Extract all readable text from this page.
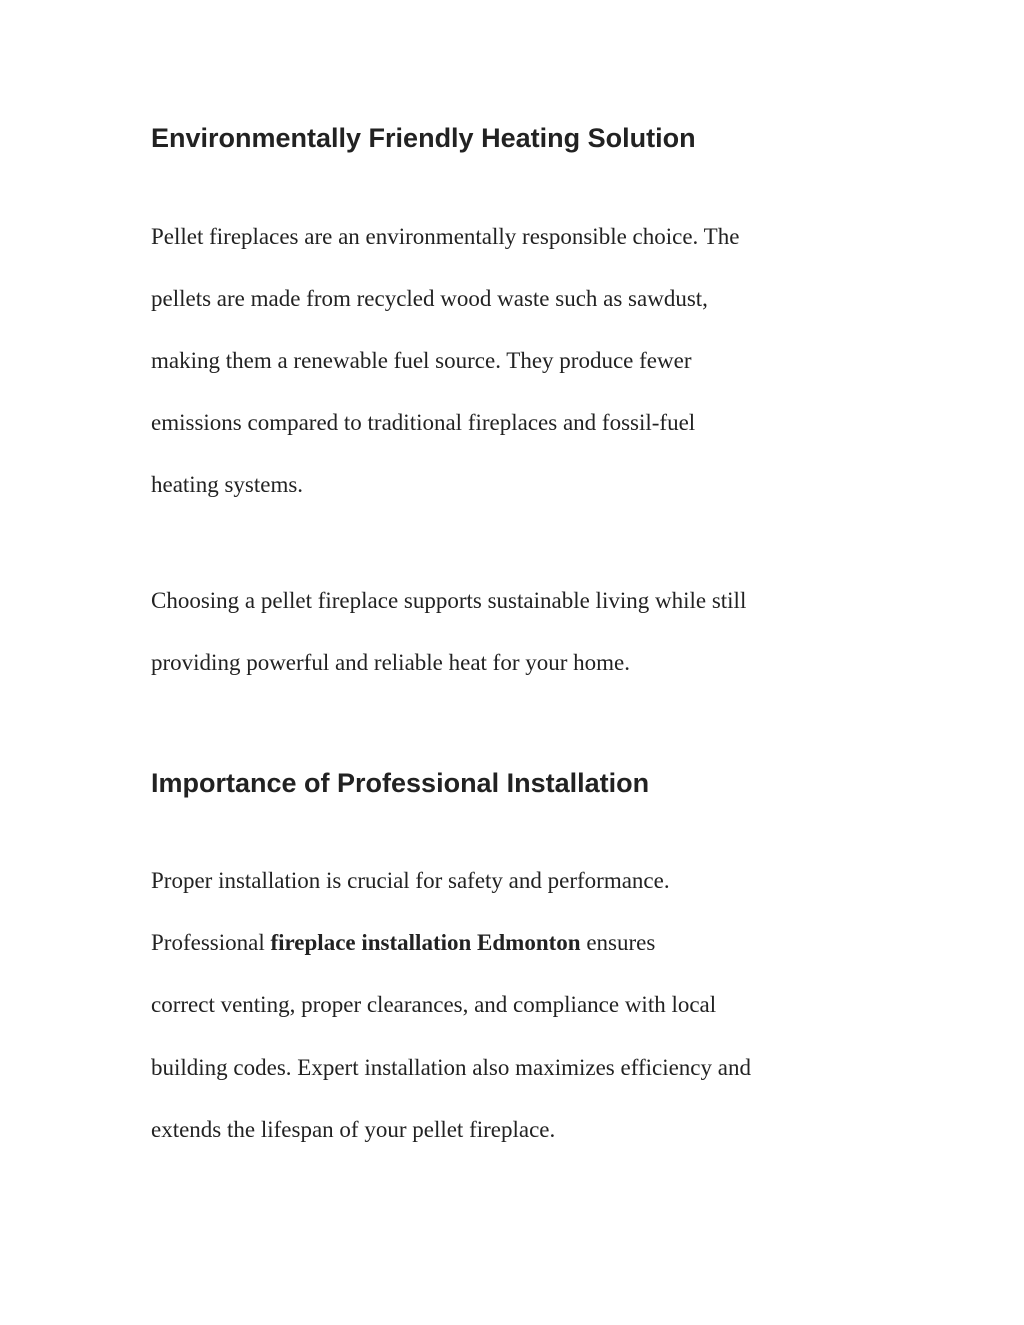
Environmentally Friendly Heating Solution
Pellet fireplaces are an environmentally responsible choice. The
pellets are made from recycled wood waste such as sawdust,
making them a renewable fuel source. They produce fewer
emissions compared to traditional fireplaces and fossil-fuel
heating systems.
Choosing a pellet fireplace supports sustainable living while still
providing powerful and reliable heat for your home.
Importance of Professional Installation
Proper installation is crucial for safety and performance.
Professional fireplace installation Edmonton ensures
correct venting, proper clearances, and compliance with local
building codes. Expert installation also maximizes efficiency and
extends the lifespan of your pellet fireplace.
